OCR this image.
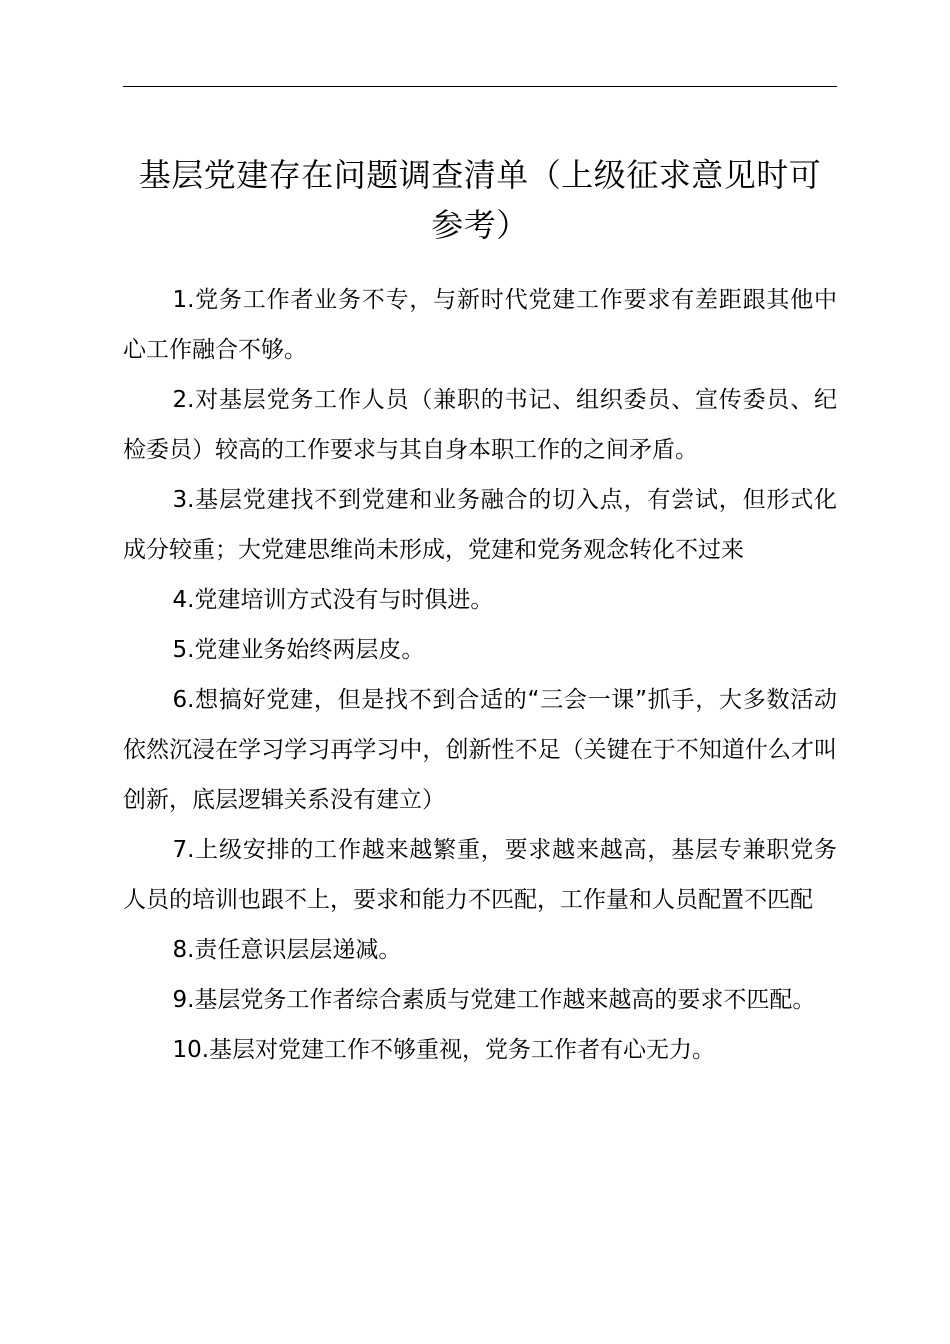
基层党建存在问题调查清单（上级征求意见时可参考）
1.党务工作者业务不专，与新时代党建工作要求有差距跟其他中心工作融合不够。
2.对基层党务工作人员（兼职的书记、组织委员、宣传委员、纪检委员）较高的工作要求与其自身本职工作的之间矛盾。
3.基层党建找不到党建和业务融合的切入点，有尝试，但形式化成分较重；大党建思维尚未形成，党建和党务观念转化不过来
4.党建培训方式没有与时俱进。
5.党建业务始终两层皮。
6.想搞好党建，但是找不到合适的“三会一课”抓手，大多数活动依然沉浸在学习学习再学习中，创新性不足（关键在于不知道什么才叫创新，底层逻辑关系没有建立）
7.上级安排的工作越来越繁重，要求越来越高，基层专兼职党务人员的培训也跟不上，要求和能力不匹配，工作量和人员配置不匹配
8.责任意识层层递减。
9.基层党务工作者综合素质与党建工作越来越高的要求不匹配。
10.基层对党建工作不够重视，党务工作者有心无力。
